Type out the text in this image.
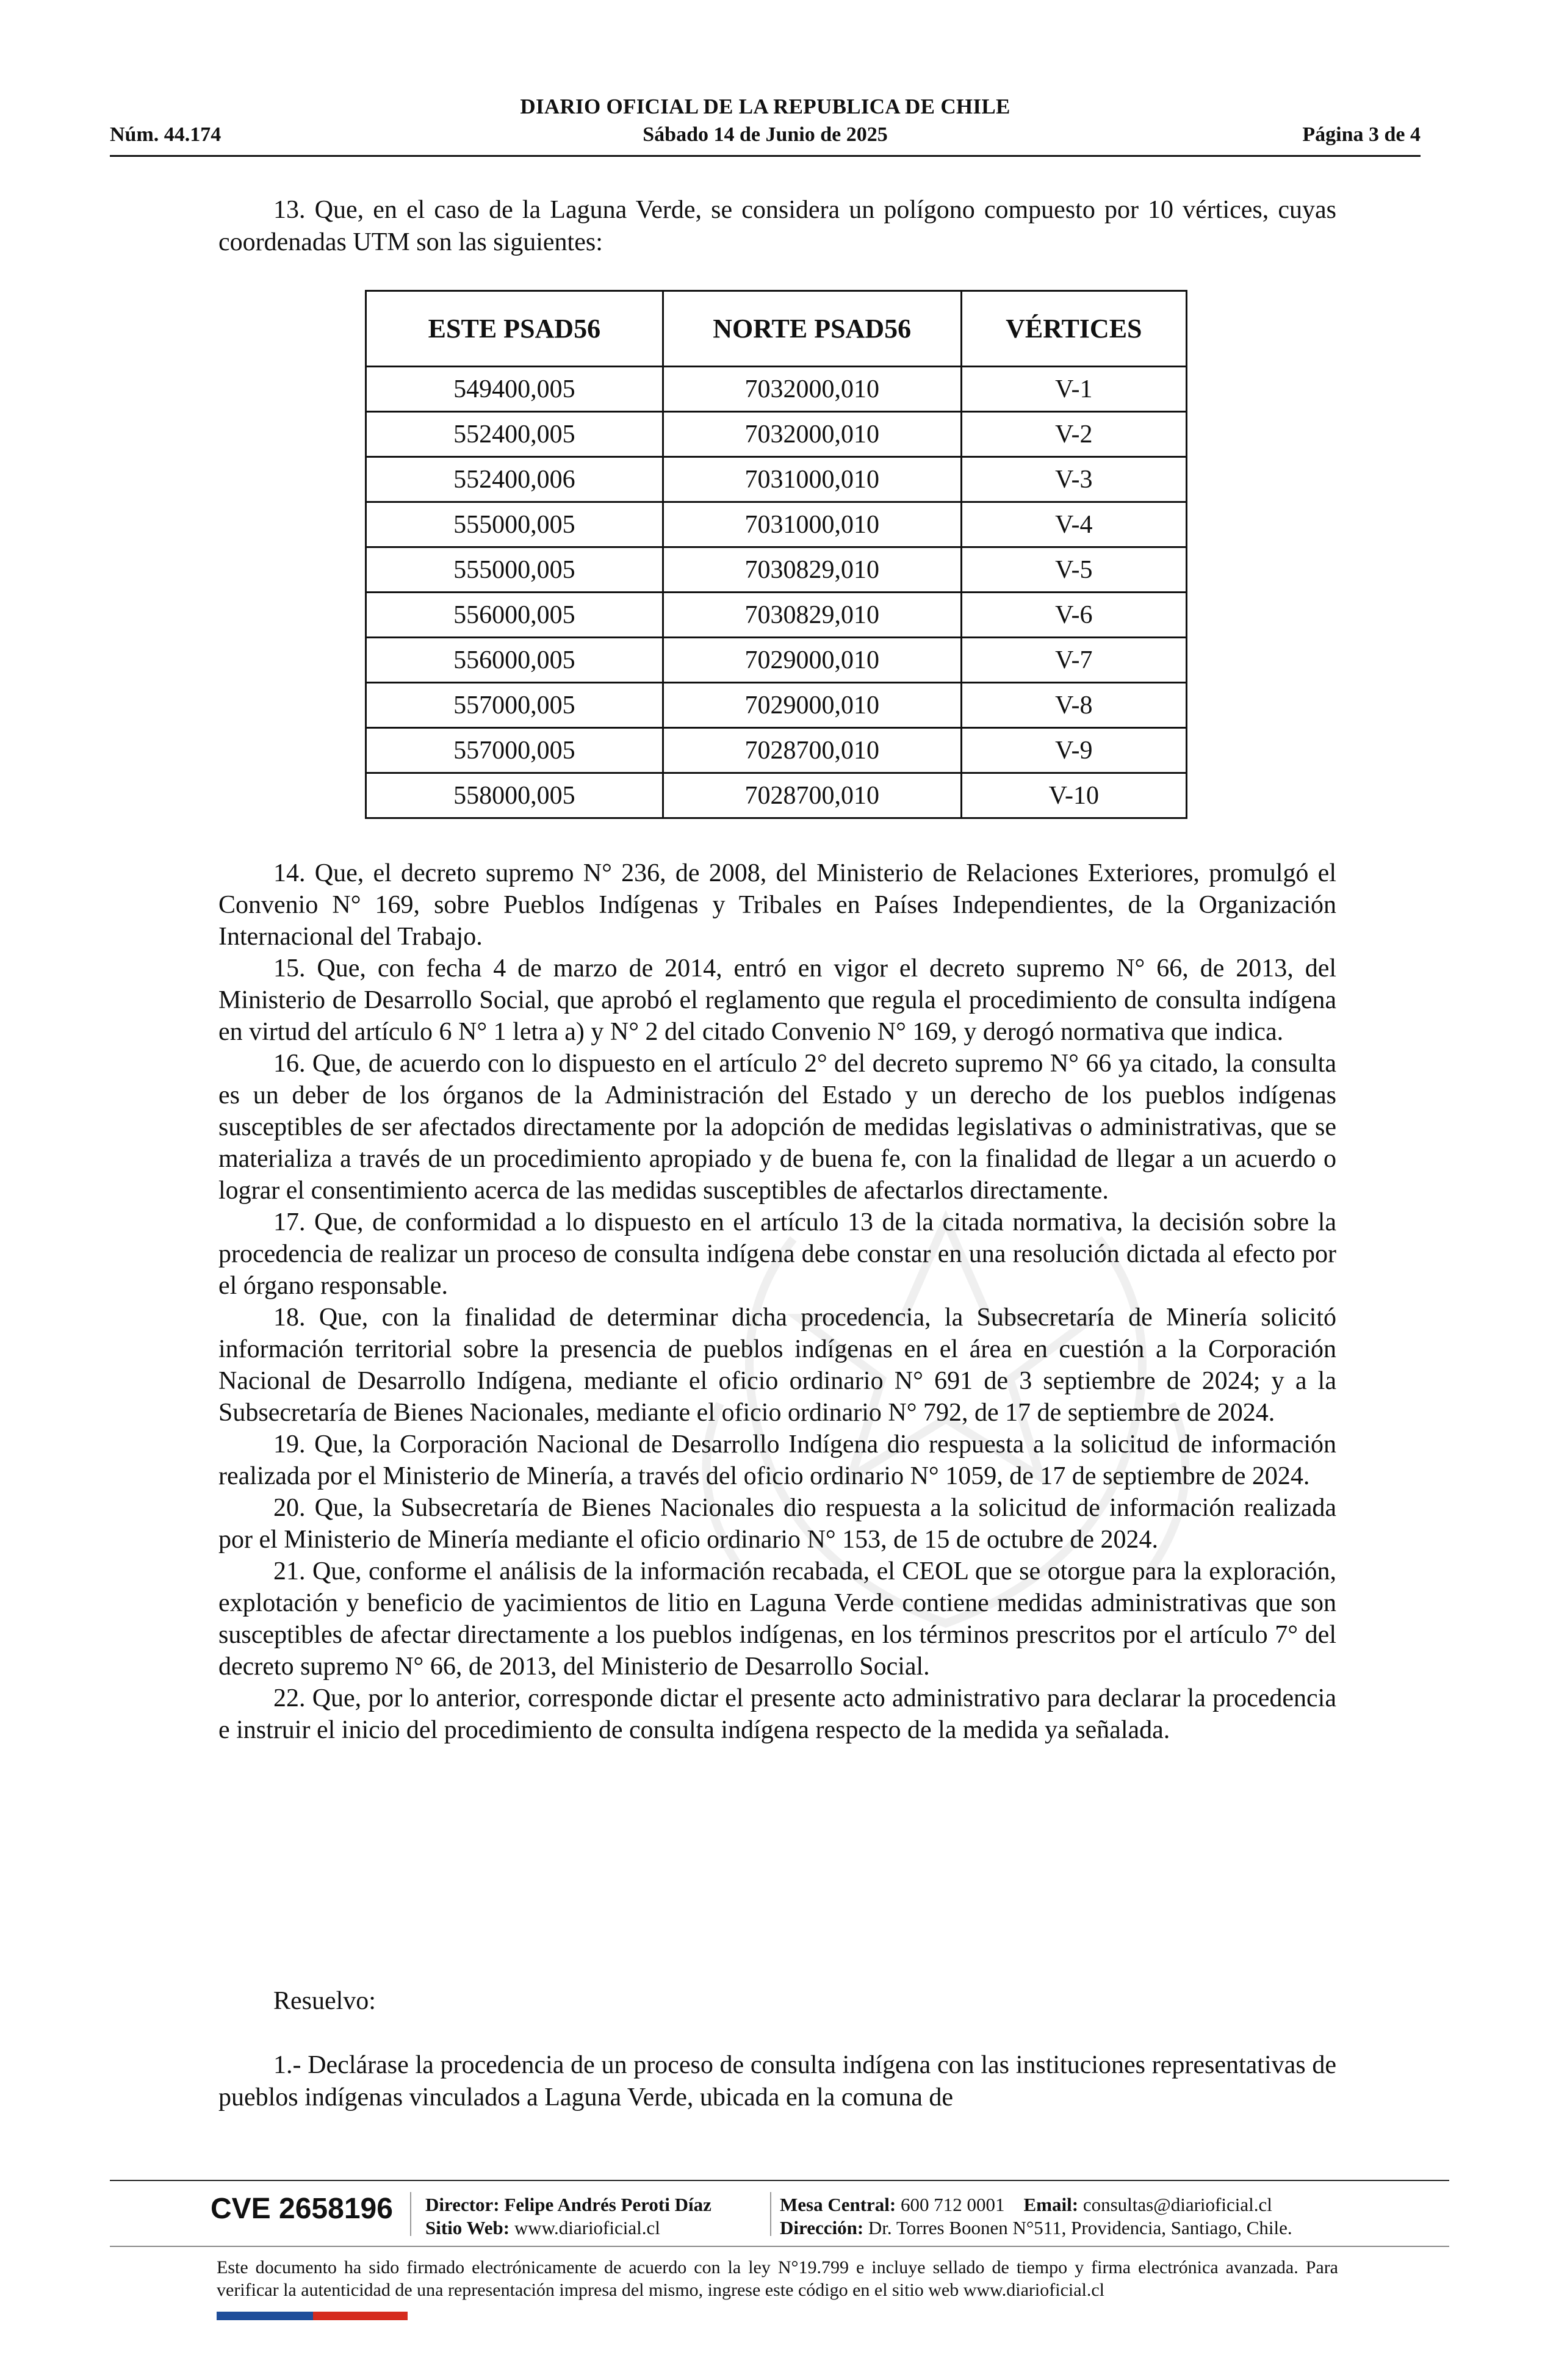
DIARIO OFICIAL DE LA REPUBLICA DE CHILE
Núm. 44.174	Sábado 14 de Junio de 2025	Página 3 de 4

13. Que, en el caso de la Laguna Verde, se considera un polígono compuesto por 10 vértices, cuyas coordenadas UTM son las siguientes:

ESTE PSAD56	NORTE PSAD56	VÉRTICES
549400,005	7032000,010	V-1
552400,005	7032000,010	V-2
552400,006	7031000,010	V-3
555000,005	7031000,010	V-4
555000,005	7030829,010	V-5
556000,005	7030829,010	V-6
556000,005	7029000,010	V-7
557000,005	7029000,010	V-8
557000,005	7028700,010	V-9
558000,005	7028700,010	V-10

14. Que, el decreto supremo N° 236, de 2008, del Ministerio de Relaciones Exteriores, promulgó el Convenio N° 169, sobre Pueblos Indígenas y Tribales en Países Independientes, de la Organización Internacional del Trabajo.

15. Que, con fecha 4 de marzo de 2014, entró en vigor el decreto supremo N° 66, de 2013, del Ministerio de Desarrollo Social, que aprobó el reglamento que regula el procedimiento de consulta indígena en virtud del artículo 6 N° 1 letra a) y N° 2 del citado Convenio N° 169, y derogó normativa que indica.

16. Que, de acuerdo con lo dispuesto en el artículo 2° del decreto supremo N° 66 ya citado, la consulta es un deber de los órganos de la Administración del Estado y un derecho de los pueblos indígenas susceptibles de ser afectados directamente por la adopción de medidas legislativas o administrativas, que se materializa a través de un procedimiento apropiado y de buena fe, con la finalidad de llegar a un acuerdo o lograr el consentimiento acerca de las medidas susceptibles de afectarlos directamente.

17. Que, de conformidad a lo dispuesto en el artículo 13 de la citada normativa, la decisión sobre la procedencia de realizar un proceso de consulta indígena debe constar en una resolución dictada al efecto por el órgano responsable.

18. Que, con la finalidad de determinar dicha procedencia, la Subsecretaría de Minería solicitó información territorial sobre la presencia de pueblos indígenas en el área en cuestión a la Corporación Nacional de Desarrollo Indígena, mediante el oficio ordinario N° 691 de 3 septiembre de 2024; y a la Subsecretaría de Bienes Nacionales, mediante el oficio ordinario N° 792, de 17 de septiembre de 2024.

19. Que, la Corporación Nacional de Desarrollo Indígena dio respuesta a la solicitud de información realizada por el Ministerio de Minería, a través del oficio ordinario N° 1059, de 17 de septiembre de 2024.

20. Que, la Subsecretaría de Bienes Nacionales dio respuesta a la solicitud de información realizada por el Ministerio de Minería mediante el oficio ordinario N° 153, de 15 de octubre de 2024.

21. Que, conforme el análisis de la información recabada, el CEOL que se otorgue para la exploración, explotación y beneficio de yacimientos de litio en Laguna Verde contiene medidas administrativas que son susceptibles de afectar directamente a los pueblos indígenas, en los términos prescritos por el artículo 7° del decreto supremo N° 66, de 2013, del Ministerio de Desarrollo Social.

22. Que, por lo anterior, corresponde dictar el presente acto administrativo para declarar la procedencia e instruir el inicio del procedimiento de consulta indígena respecto de la medida ya señalada.

Resuelvo:

1.- Declárase la procedencia de un proceso de consulta indígena con las instituciones representativas de pueblos indígenas vinculados a Laguna Verde, ubicada en la comuna de

CVE 2658196 Director: Felipe Andrés Peroti Díaz
Sitio Web: www.diarioficial.cl
Mesa Central: 600 712 0001 Email: consultas@diarioficial.cl
Dirección: Dr. Torres Boonen N°511, Providencia, Santiago, Chile.
Este documento ha sido firmado electrónicamente de acuerdo con la ley N°19.799 e incluye sellado de tiempo y firma electrónica avanzada. Para verificar la autenticidad de una representación impresa del mismo, ingrese este código en el sitio web www.diarioficial.cl
